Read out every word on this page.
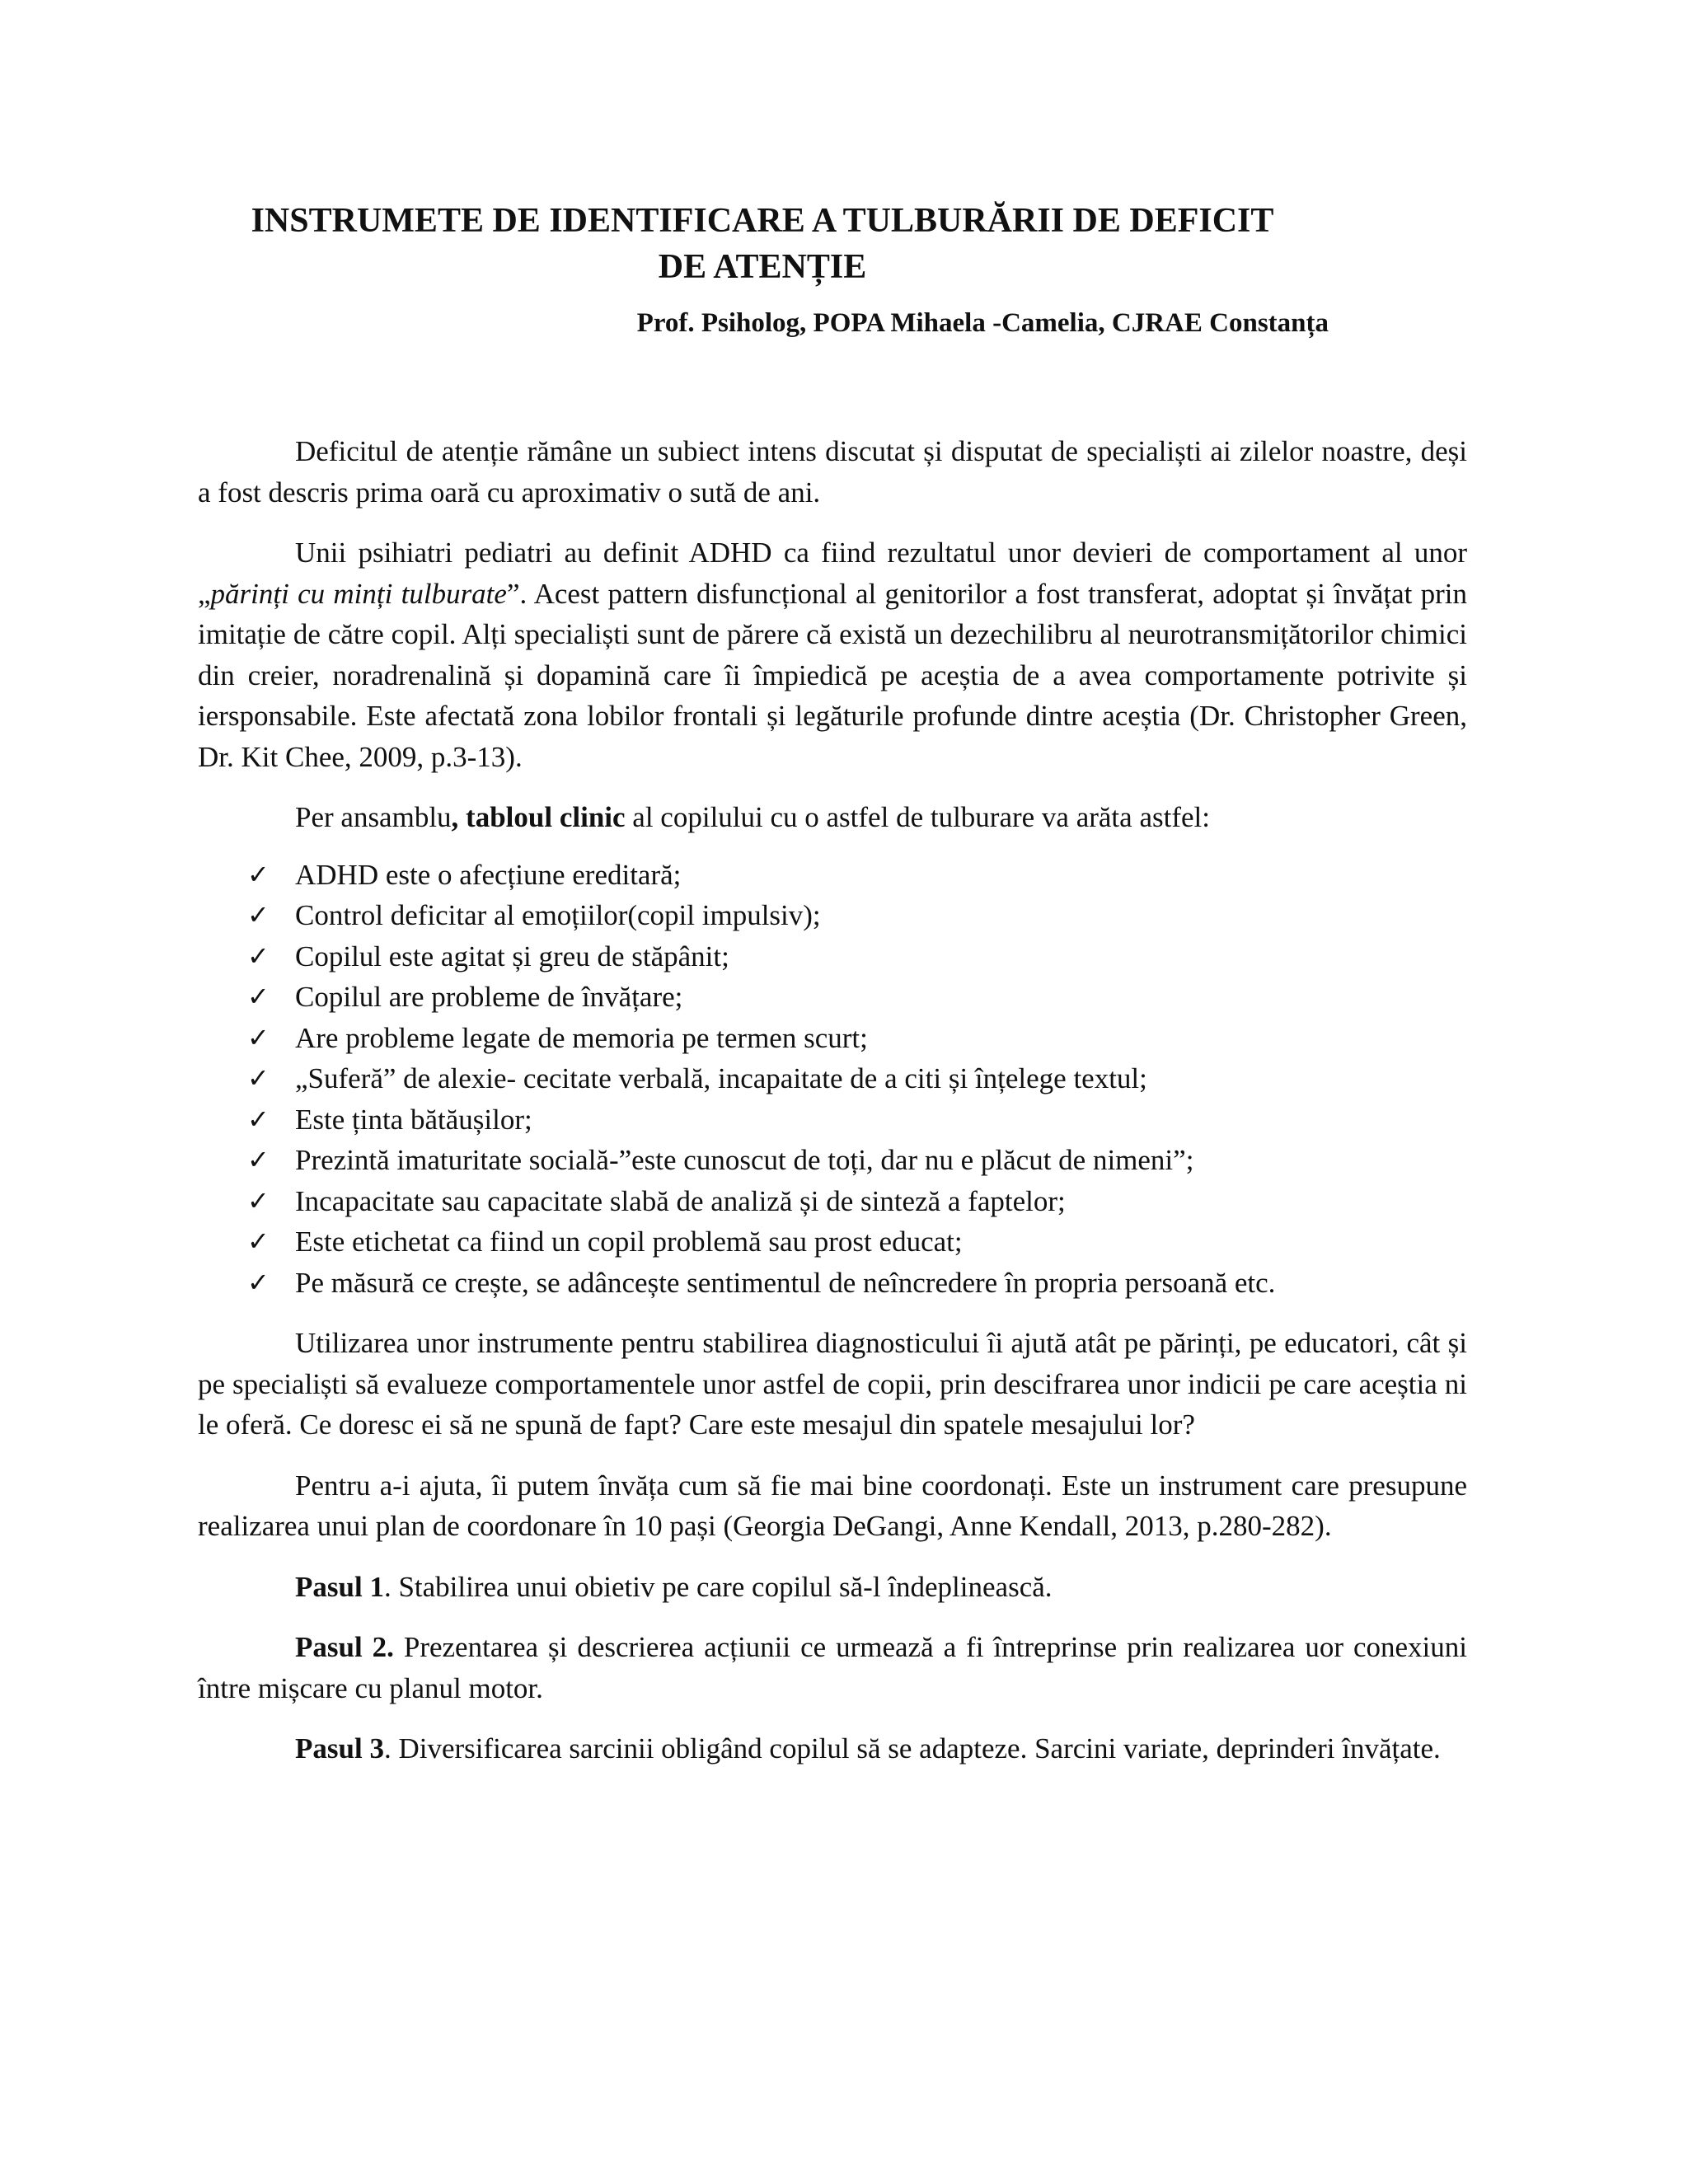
INSTRUMETE DE IDENTIFICARE A TULBURĂRII DE DEFICIT
DE ATENȚIE
Prof. Psiholog, POPA Mihaela -Camelia, CJRAE Constanța

Deficitul de atenție rămâne un subiect intens discutat și disputat de specialiști ai zilelor noastre, deși a fost descris prima oară cu aproximativ o sută de ani.

Unii psihiatri pediatri au definit ADHD ca fiind rezultatul unor devieri de comportament al unor „părinți cu minți tulburate”. Acest pattern disfuncțional al genitorilor a fost transferat, adoptat și învățat prin imitație de către copil. Alți specialiști sunt de părere că există un dezechilibru al neurotransmițătorilor chimici din creier, noradrenalină și dopamină care îi împiedică pe aceștia de a avea comportamente potrivite și iersponsabile. Este afectată zona lobilor frontali și legăturile profunde dintre aceștia (Dr. Christopher Green, Dr. Kit Chee, 2009, p.3-13).

Per ansamblu, tabloul clinic al copilului cu o astfel de tulburare va arăta astfel:

✓ ADHD este o afecțiune ereditară;
✓ Control deficitar al emoțiilor(copil impulsiv);
✓ Copilul este agitat și greu de stăpânit;
✓ Copilul are probleme de învățare;
✓ Are probleme legate de memoria pe termen scurt;
✓ „Suferă” de alexie- cecitate verbală, incapaitate de a citi și înțelege textul;
✓ Este ținta bătăușilor;
✓ Prezintă imaturitate socială-”este cunoscut de toți, dar nu e plăcut de nimeni”;
✓ Incapacitate sau capacitate slabă de analiză și de sinteză a faptelor;
✓ Este etichetat ca fiind un copil problemă sau prost educat;
✓ Pe măsură ce crește, se adâncește sentimentul de neîncredere în propria persoană etc.

Utilizarea unor instrumente pentru stabilirea diagnosticului îi ajută atât pe părinți, pe educatori, cât și pe specialiști să evalueze comportamentele unor astfel de copii, prin descifrarea unor indicii pe care aceștia ni le oferă. Ce doresc ei să ne spună de fapt? Care este mesajul din spatele mesajului lor?

Pentru a-i ajuta, îi putem învăța cum să fie mai bine coordonați. Este un instrument care presupune realizarea unui plan de coordonare în 10 pași (Georgia DeGangi, Anne Kendall, 2013, p.280-282).

Pasul 1. Stabilirea unui obietiv pe care copilul să-l îndeplinească.

Pasul 2. Prezentarea și descrierea acțiunii ce urmează a fi întreprinse prin realizarea uor conexiuni între mișcare cu planul motor.

Pasul 3. Diversificarea sarcinii obligând copilul să se adapteze. Sarcini variate, deprinderi învățate.
